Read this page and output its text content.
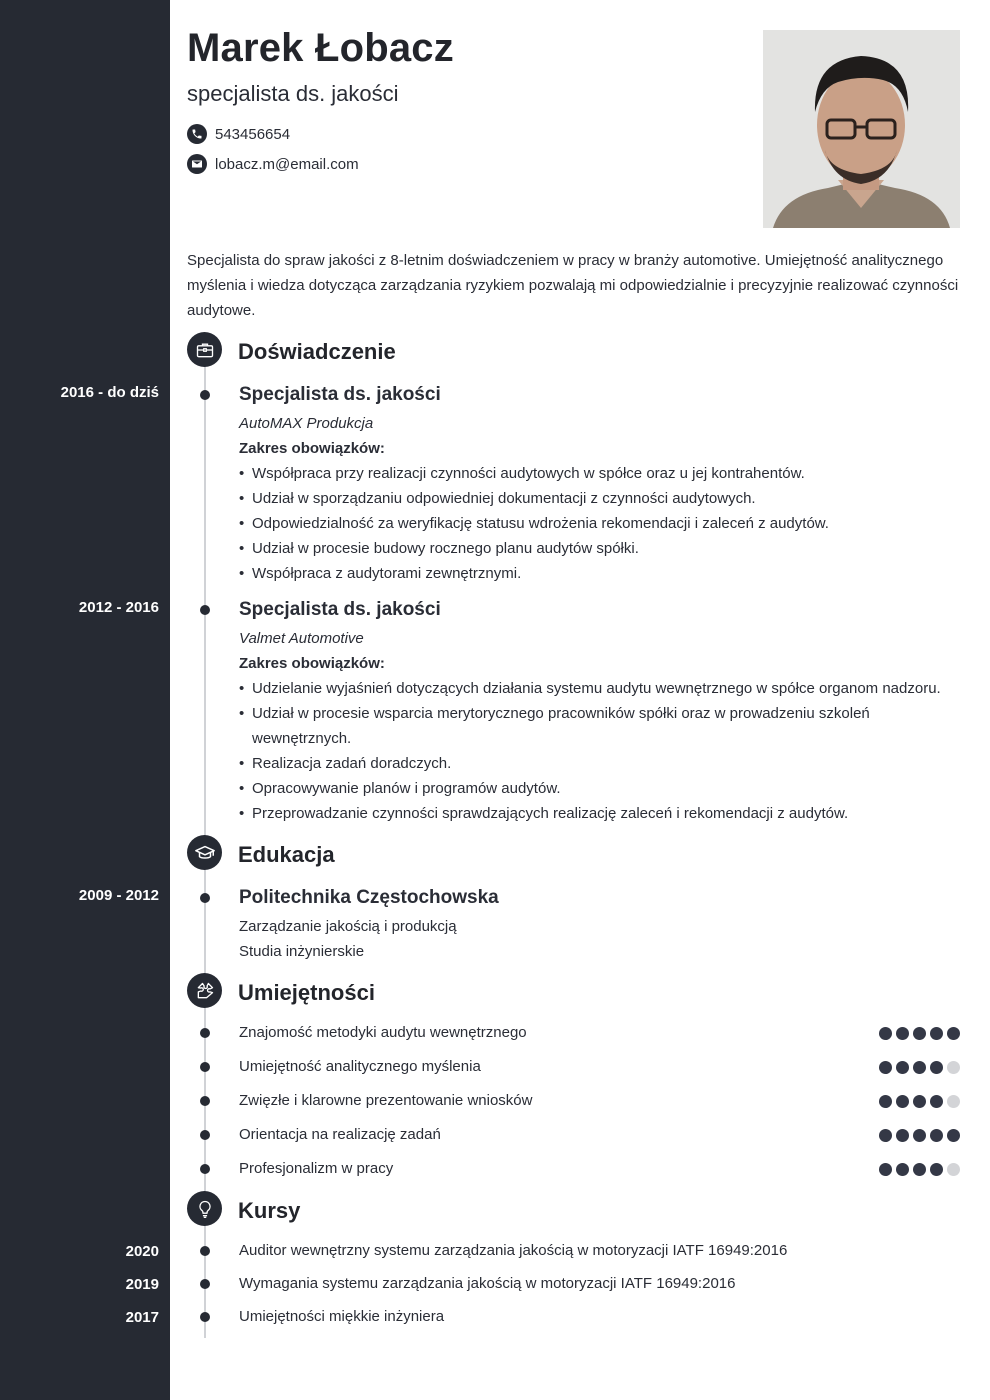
Marek Łobacz
specjalista ds. jakości
543456654
lobacz.m@email.com
Specjalista do spraw jakości z 8-letnim doświadczeniem w pracy w branży automotive. Umiejętność analitycznego myślenia i wiedza dotycząca zarządzania ryzykiem pozwalają mi odpowiedzialnie i precyzyjnie realizować czynności audytowe.
Doświadczenie
2016 - do dziś	Specjalista ds. jakości
AutoMAX Produkcja
Zakres obowiązków:
• Współpraca przy realizacji czynności audytowych w spółce oraz u jej kontrahentów.
• Udział w sporządzaniu odpowiedniej dokumentacji z czynności audytowych.
• Odpowiedzialność za weryfikację statusu wdrożenia rekomendacji i zaleceń z audytów.
• Udział w procesie budowy rocznego planu audytów spółki.
• Współpraca z audytorami zewnętrznymi.
2012 - 2016	Specjalista ds. jakości
Valmet Automotive
Zakres obowiązków:
• Udzielanie wyjaśnień dotyczących działania systemu audytu wewnętrznego w spółce organom nadzoru.
• Udział w procesie wsparcia merytorycznego pracowników spółki oraz w prowadzeniu szkoleń wewnętrznych.
• Realizacja zadań doradczych.
• Opracowywanie planów i programów audytów.
• Przeprowadzanie czynności sprawdzających realizację zaleceń i rekomendacji z audytów.
Edukacja
2009 - 2012	Politechnika Częstochowska
Zarządzanie jakością i produkcją
Studia inżynierskie
Umiejętności
Znajomość metodyki audytu wewnętrznego
Umiejętność analitycznego myślenia
Zwięzłe i klarowne prezentowanie wniosków
Orientacja na realizację zadań
Profesjonalizm w pracy
Kursy
2020	Auditor wewnętrzny systemu zarządzania jakością w motoryzacji IATF 16949:2016
2019	Wymagania systemu zarządzania jakością w motoryzacji IATF 16949:2016
2017	Umiejętności miękkie inżyniera
